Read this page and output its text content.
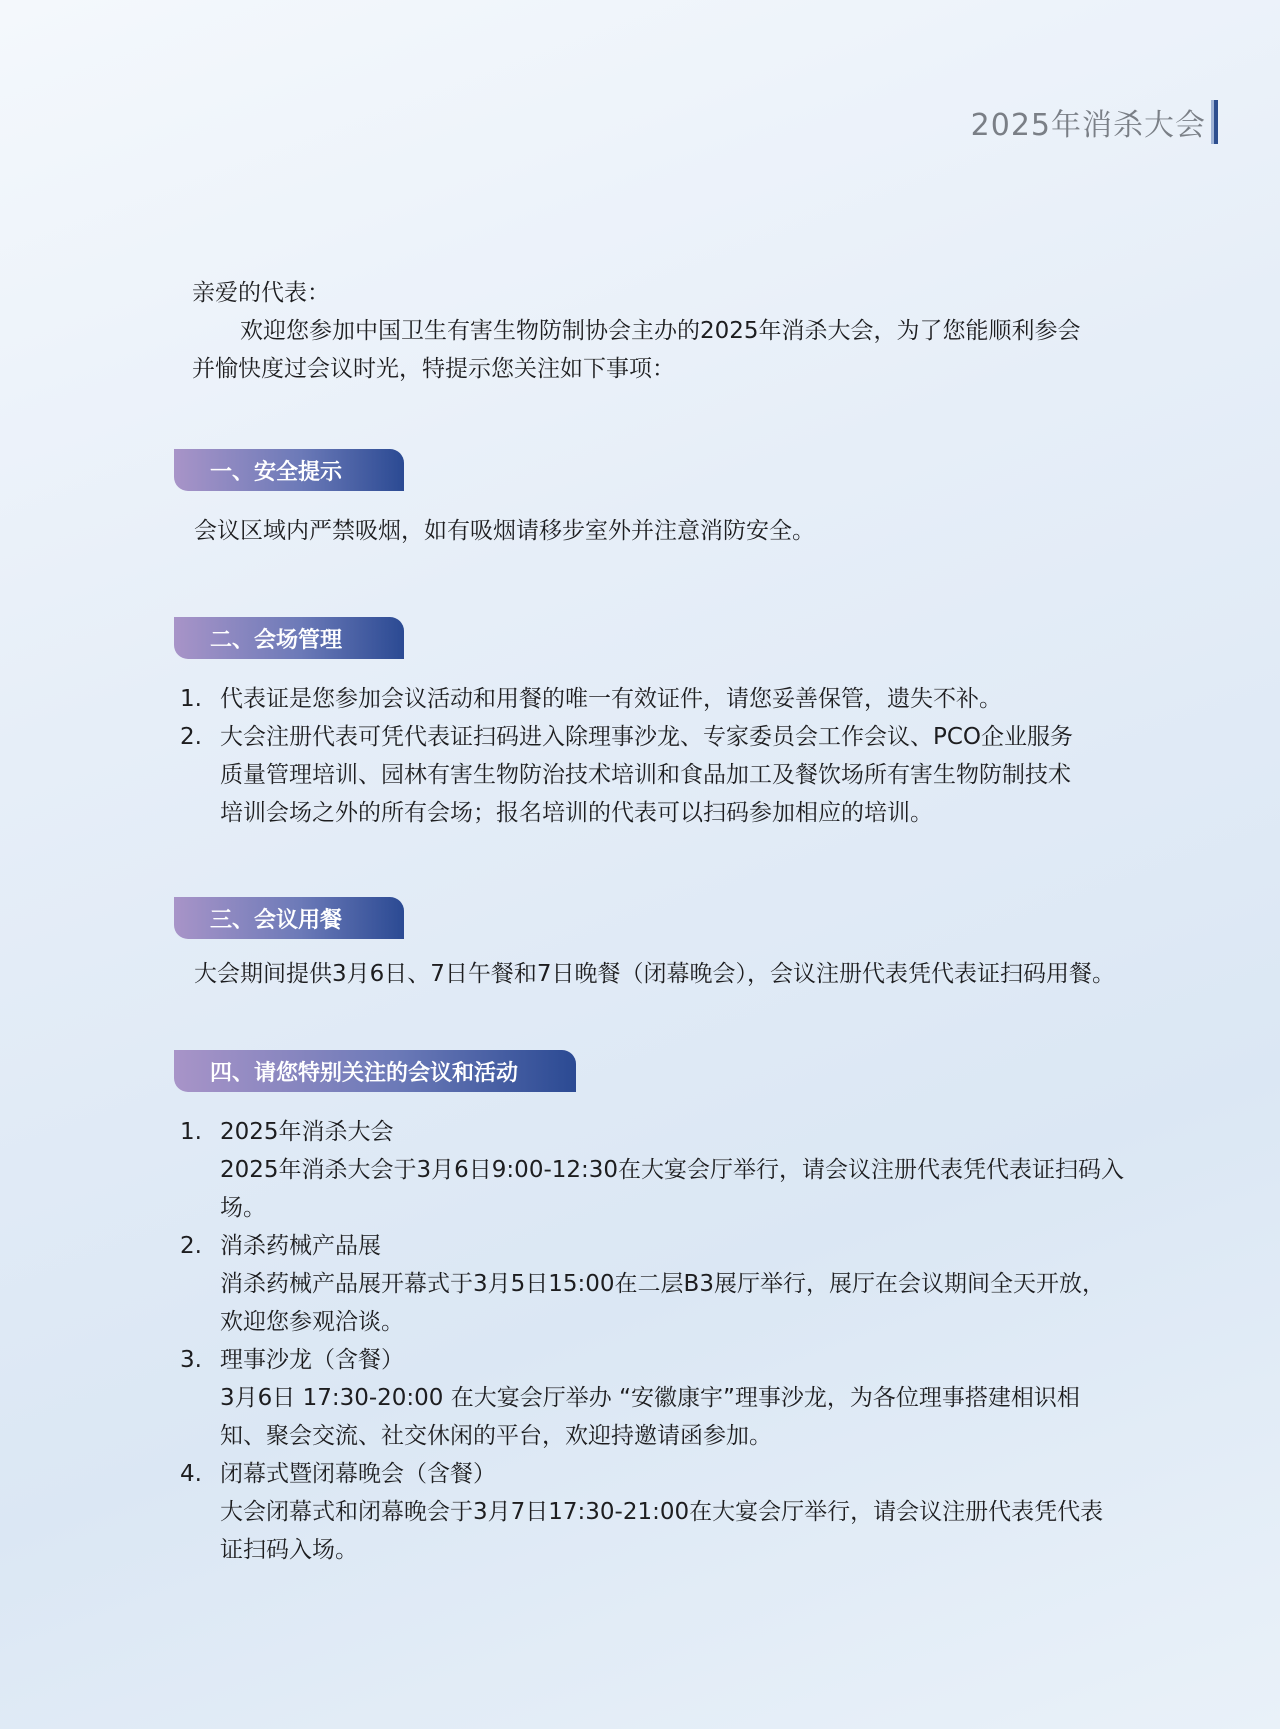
2025年消杀大会
亲爱的代表：
欢迎您参加中国卫生有害生物防制协会主办的2025年消杀大会，为了您能顺利参会并愉快度过会议时光，特提示您关注如下事项：
一、安全提示
会议区域内严禁吸烟，如有吸烟请移步室外并注意消防安全。
二、会场管理
1. 代表证是您参加会议活动和用餐的唯一有效证件，请您妥善保管，遗失不补。
2. 大会注册代表可凭代表证扫码进入除理事沙龙、专家委员会工作会议、PCO企业服务质量管理培训、园林有害生物防治技术培训和食品加工及餐饮场所有害生物防制技术培训会场之外的所有会场；报名培训的代表可以扫码参加相应的培训。
三、会议用餐
大会期间提供3月6日、7日午餐和7日晚餐（闭幕晚会），会议注册代表凭代表证扫码用餐。
四、请您特别关注的会议和活动
1. 2025年消杀大会
2025年消杀大会于3月6日9:00-12:30在大宴会厅举行，请会议注册代表凭代表证扫码入场。
2. 消杀药械产品展
消杀药械产品展开幕式于3月5日15:00在二层B3展厅举行，展厅在会议期间全天开放，欢迎您参观洽谈。
3. 理事沙龙（含餐）
3月6日 17:30-20:00 在大宴会厅举办 “安徽康宇”理事沙龙，为各位理事搭建相识相知、聚会交流、社交休闲的平台，欢迎持邀请函参加。
4. 闭幕式暨闭幕晚会（含餐）
大会闭幕式和闭幕晚会于3月7日17:30-21:00在大宴会厅举行，请会议注册代表凭代表证扫码入场。
